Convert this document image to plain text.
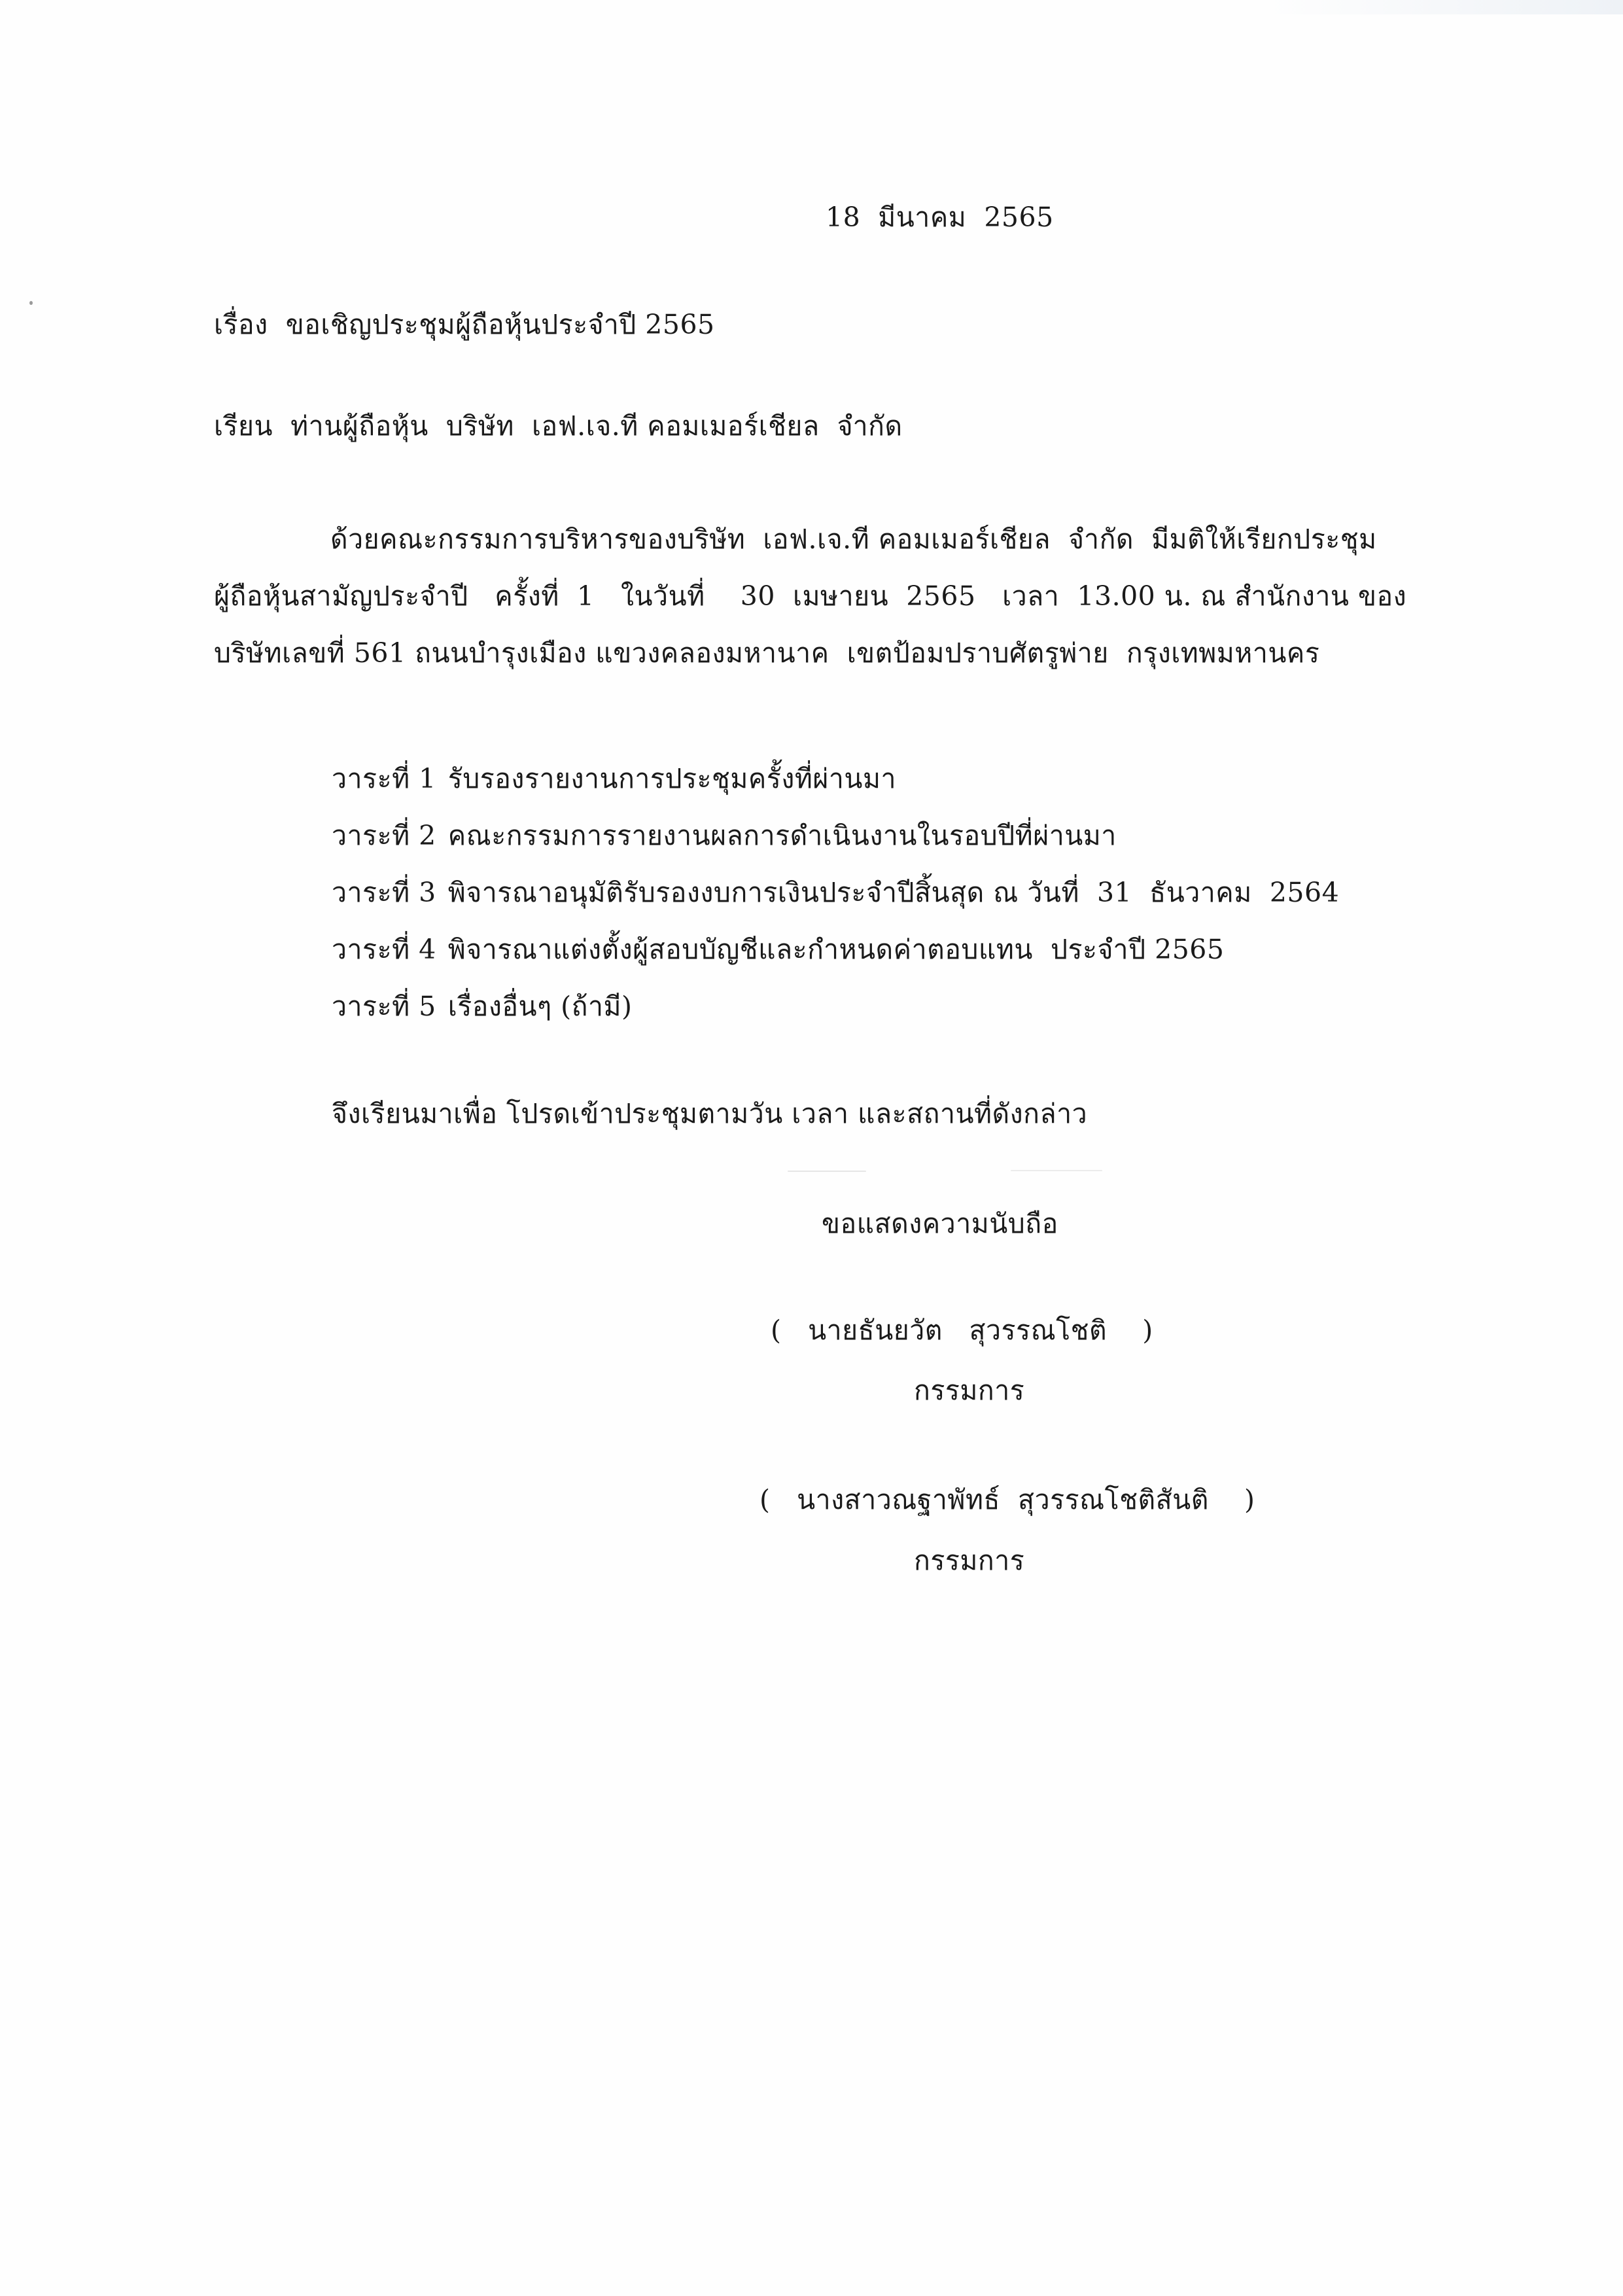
18  มีนาคม  2565
เรื่อง  ขอเชิญประชุมผู้ถือหุ้นประจำปี 2565
เรียน  ท่านผู้ถือหุ้น  บริษัท  เอฟ.เจ.ที คอมเมอร์เชียล  จำกัด
ด้วยคณะกรรมการบริหารของบริษัท  เอฟ.เจ.ที คอมเมอร์เชียล  จำกัด  มีมติให้เรียกประชุม
ผู้ถือหุ้นสามัญประจำปี   ครั้งที่  1   ในวันที่    30  เมษายน  2565   เวลา  13.00 น. ณ สำนักงาน ของ
บริษัทเลขที่ 561 ถนนบำรุงเมือง แขวงคลองมหานาค  เขตป้อมปราบศัตรูพ่าย  กรุงเทพมหานคร
วาระที่ 1 รับรองรายงานการประชุมครั้งที่ผ่านมา
วาระที่ 2 คณะกรรมการรายงานผลการดำเนินงานในรอบปีที่ผ่านมา
วาระที่ 3 พิจารณาอนุมัติรับรองงบการเงินประจำปีสิ้นสุด ณ วันที่  31  ธันวาคม  2564
วาระที่ 4 พิจารณาแต่งตั้งผู้สอบบัญชีและกำหนดค่าตอบแทน  ประจำปี 2565
วาระที่ 5 เรื่องอื่นๆ (ถ้ามี)
จึงเรียนมาเพื่อ โปรดเข้าประชุมตามวัน เวลา และสถานที่ดังกล่าว
ขอแสดงความนับถือ
(   นายธันยวัต   สุวรรณโชติ    )
กรรมการ
(   นางสาวณฐาพัทธ์  สุวรรณโชติสันติ    )
กรรมการ
